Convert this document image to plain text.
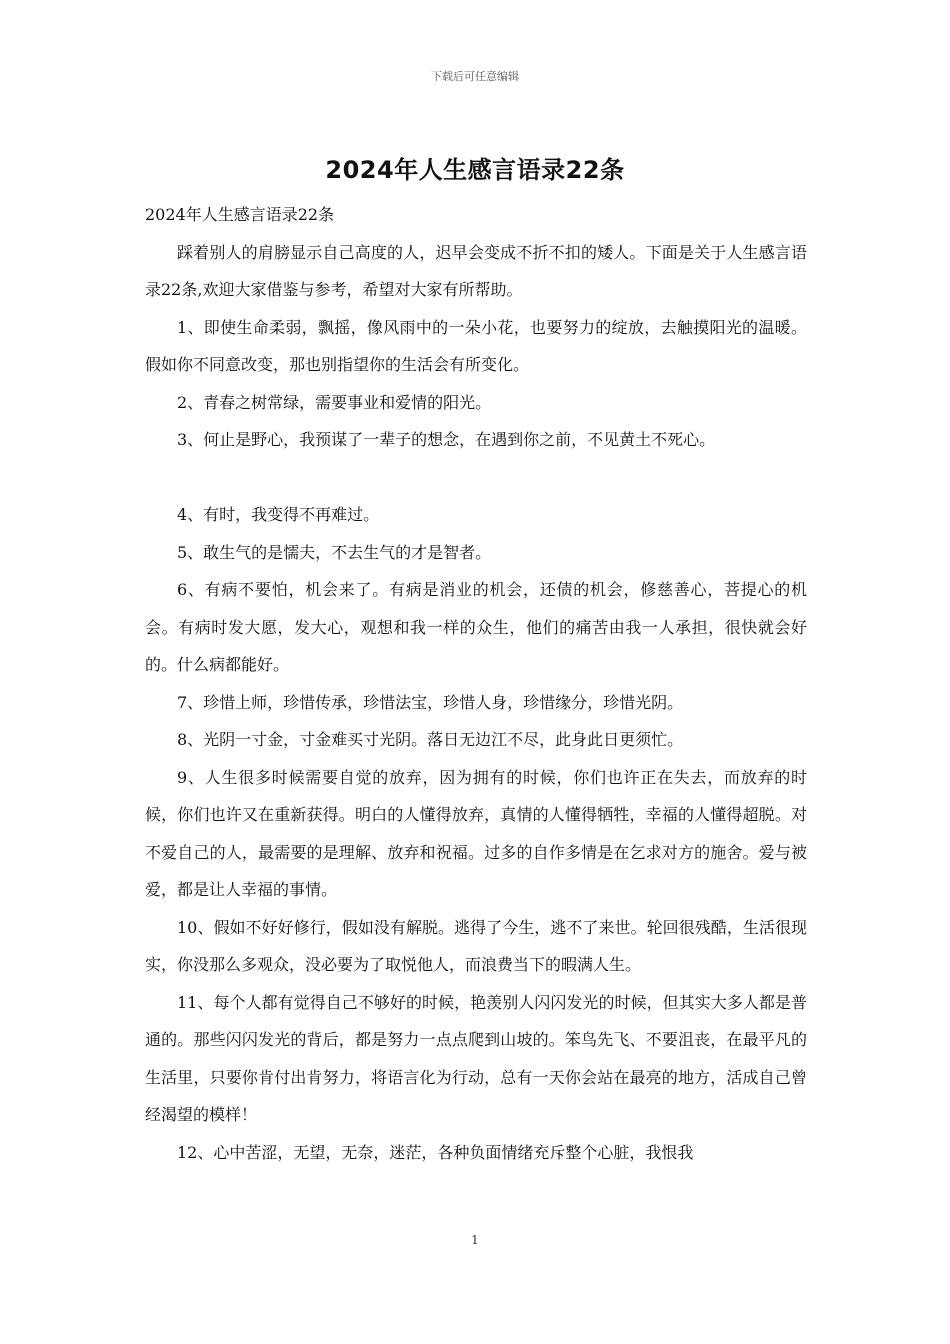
下载后可任意编辑
2024年人生感言语录22条

2024年人生感言语录22条

踩着别人的肩膀显示自己高度的人，迟早会变成不折不扣的矮人。下面是关于人生感言语录22条,欢迎大家借鉴与参考，希望对大家有所帮助。

1、即使生命柔弱，飘摇，像风雨中的一朵小花，也要努力的绽放，去触摸阳光的温暖。假如你不同意改变，那也别指望你的生活会有所变化。

2、青春之树常绿，需要事业和爱情的阳光。

3、何止是野心，我预谋了一辈子的想念，在遇到你之前，不见黄土不死心。

4、有时，我变得不再难过。

5、敢生气的是懦夫，不去生气的才是智者。

6、有病不要怕，机会来了。有病是消业的机会，还债的机会，修慈善心，菩提心的机会。有病时发大愿，发大心，观想和我一样的众生，他们的痛苦由我一人承担，很快就会好的。什么病都能好。

7、珍惜上师，珍惜传承，珍惜法宝，珍惜人身，珍惜缘分，珍惜光阴。

8、光阴一寸金，寸金难买寸光阴。落日无边江不尽，此身此日更须忙。

9、人生很多时候需要自觉的放弃，因为拥有的时候，你们也许正在失去，而放弃的时候，你们也许又在重新获得。明白的人懂得放弃，真情的人懂得牺牲，幸福的人懂得超脱。对不爱自己的人，最需要的是理解、放弃和祝福。过多的自作多情是在乞求对方的施舍。爱与被爱，都是让人幸福的事情。

10、假如不好好修行，假如没有解脱。逃得了今生，逃不了来世。轮回很残酷，生活很现实，你没那么多观众，没必要为了取悦他人，而浪费当下的暇满人生。

11、每个人都有觉得自己不够好的时候，艳羡别人闪闪发光的时候，但其实大多人都是普通的。那些闪闪发光的背后，都是努力一点点爬到山坡的。笨鸟先飞、不要沮丧，在最平凡的生活里，只要你肯付出肯努力，将语言化为行动，总有一天你会站在最亮的地方，活成自己曾经渴望的模样！

12、心中苦涩，无望，无奈，迷茫，各种负面情绪充斥整个心脏，我恨我

1
